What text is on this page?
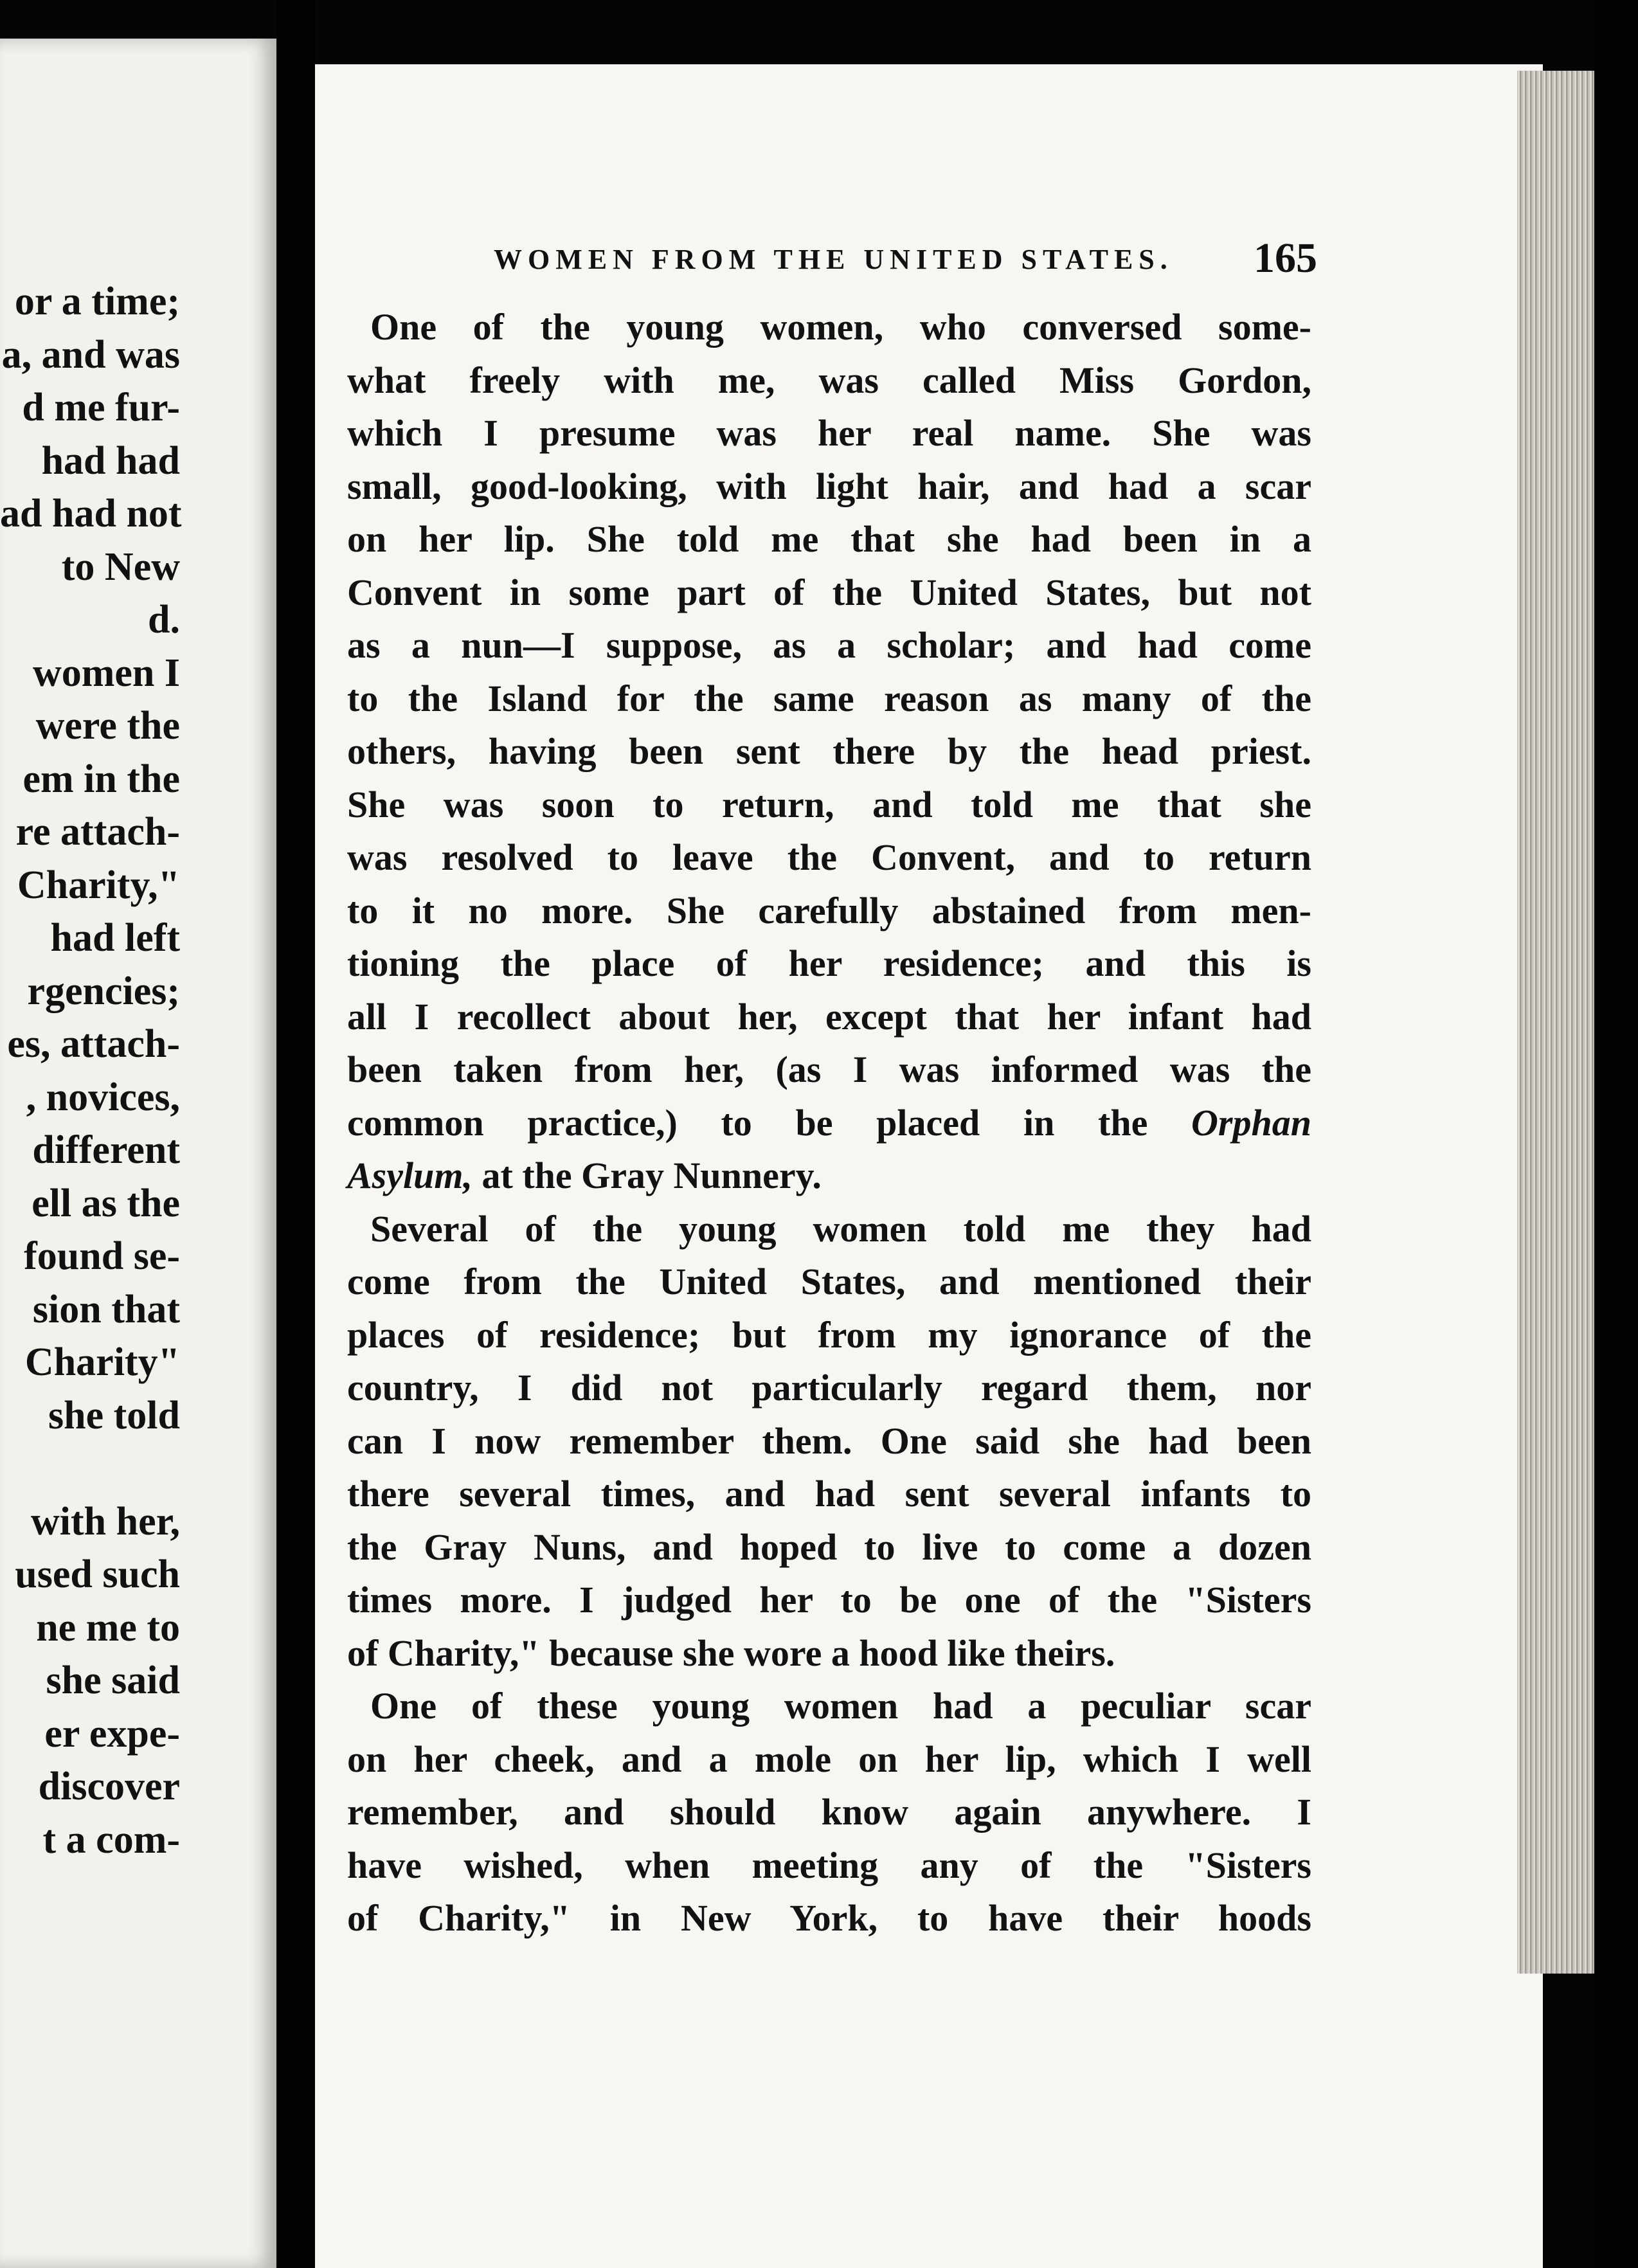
or a time;
a, and was
d me fur-
had had
ad had not
to New
d.
women I
were the
em in the
re attach-
Charity,"
had left
rgencies;
es, attach-
, novices,
different
ell as the
found se-
sion that
Charity"
she told

with her,
used such
ne me to
she said
er expe-
discover
t a com-
WOMEN FROM THE UNITED STATES. 165
One of the young women, who conversed some-
what freely with me, was called Miss Gordon,
which I presume was her real name. She was
small, good-looking, with light hair, and had a scar
on her lip. She told me that she had been in a
Convent in some part of the United States, but not
as a nun—I suppose, as a scholar; and had come
to the Island for the same reason as many of the
others, having been sent there by the head priest.
She was soon to return, and told me that she
was resolved to leave the Convent, and to return
to it no more. She carefully abstained from men-
tioning the place of her residence; and this is
all I recollect about her, except that her infant had
been taken from her, (as I was informed was the
common practice,) to be placed in the Orphan
Asylum, at the Gray Nunnery.
Several of the young women told me they had
come from the United States, and mentioned their
places of residence; but from my ignorance of the
country, I did not particularly regard them, nor
can I now remember them. One said she had been
there several times, and had sent several infants to
the Gray Nuns, and hoped to live to come a dozen
times more. I judged her to be one of the "Sisters
of Charity," because she wore a hood like theirs.
One of these young women had a peculiar scar
on her cheek, and a mole on her lip, which I well
remember, and should know again anywhere. I
have wished, when meeting any of the "Sisters
of Charity," in New York, to have their hoods
